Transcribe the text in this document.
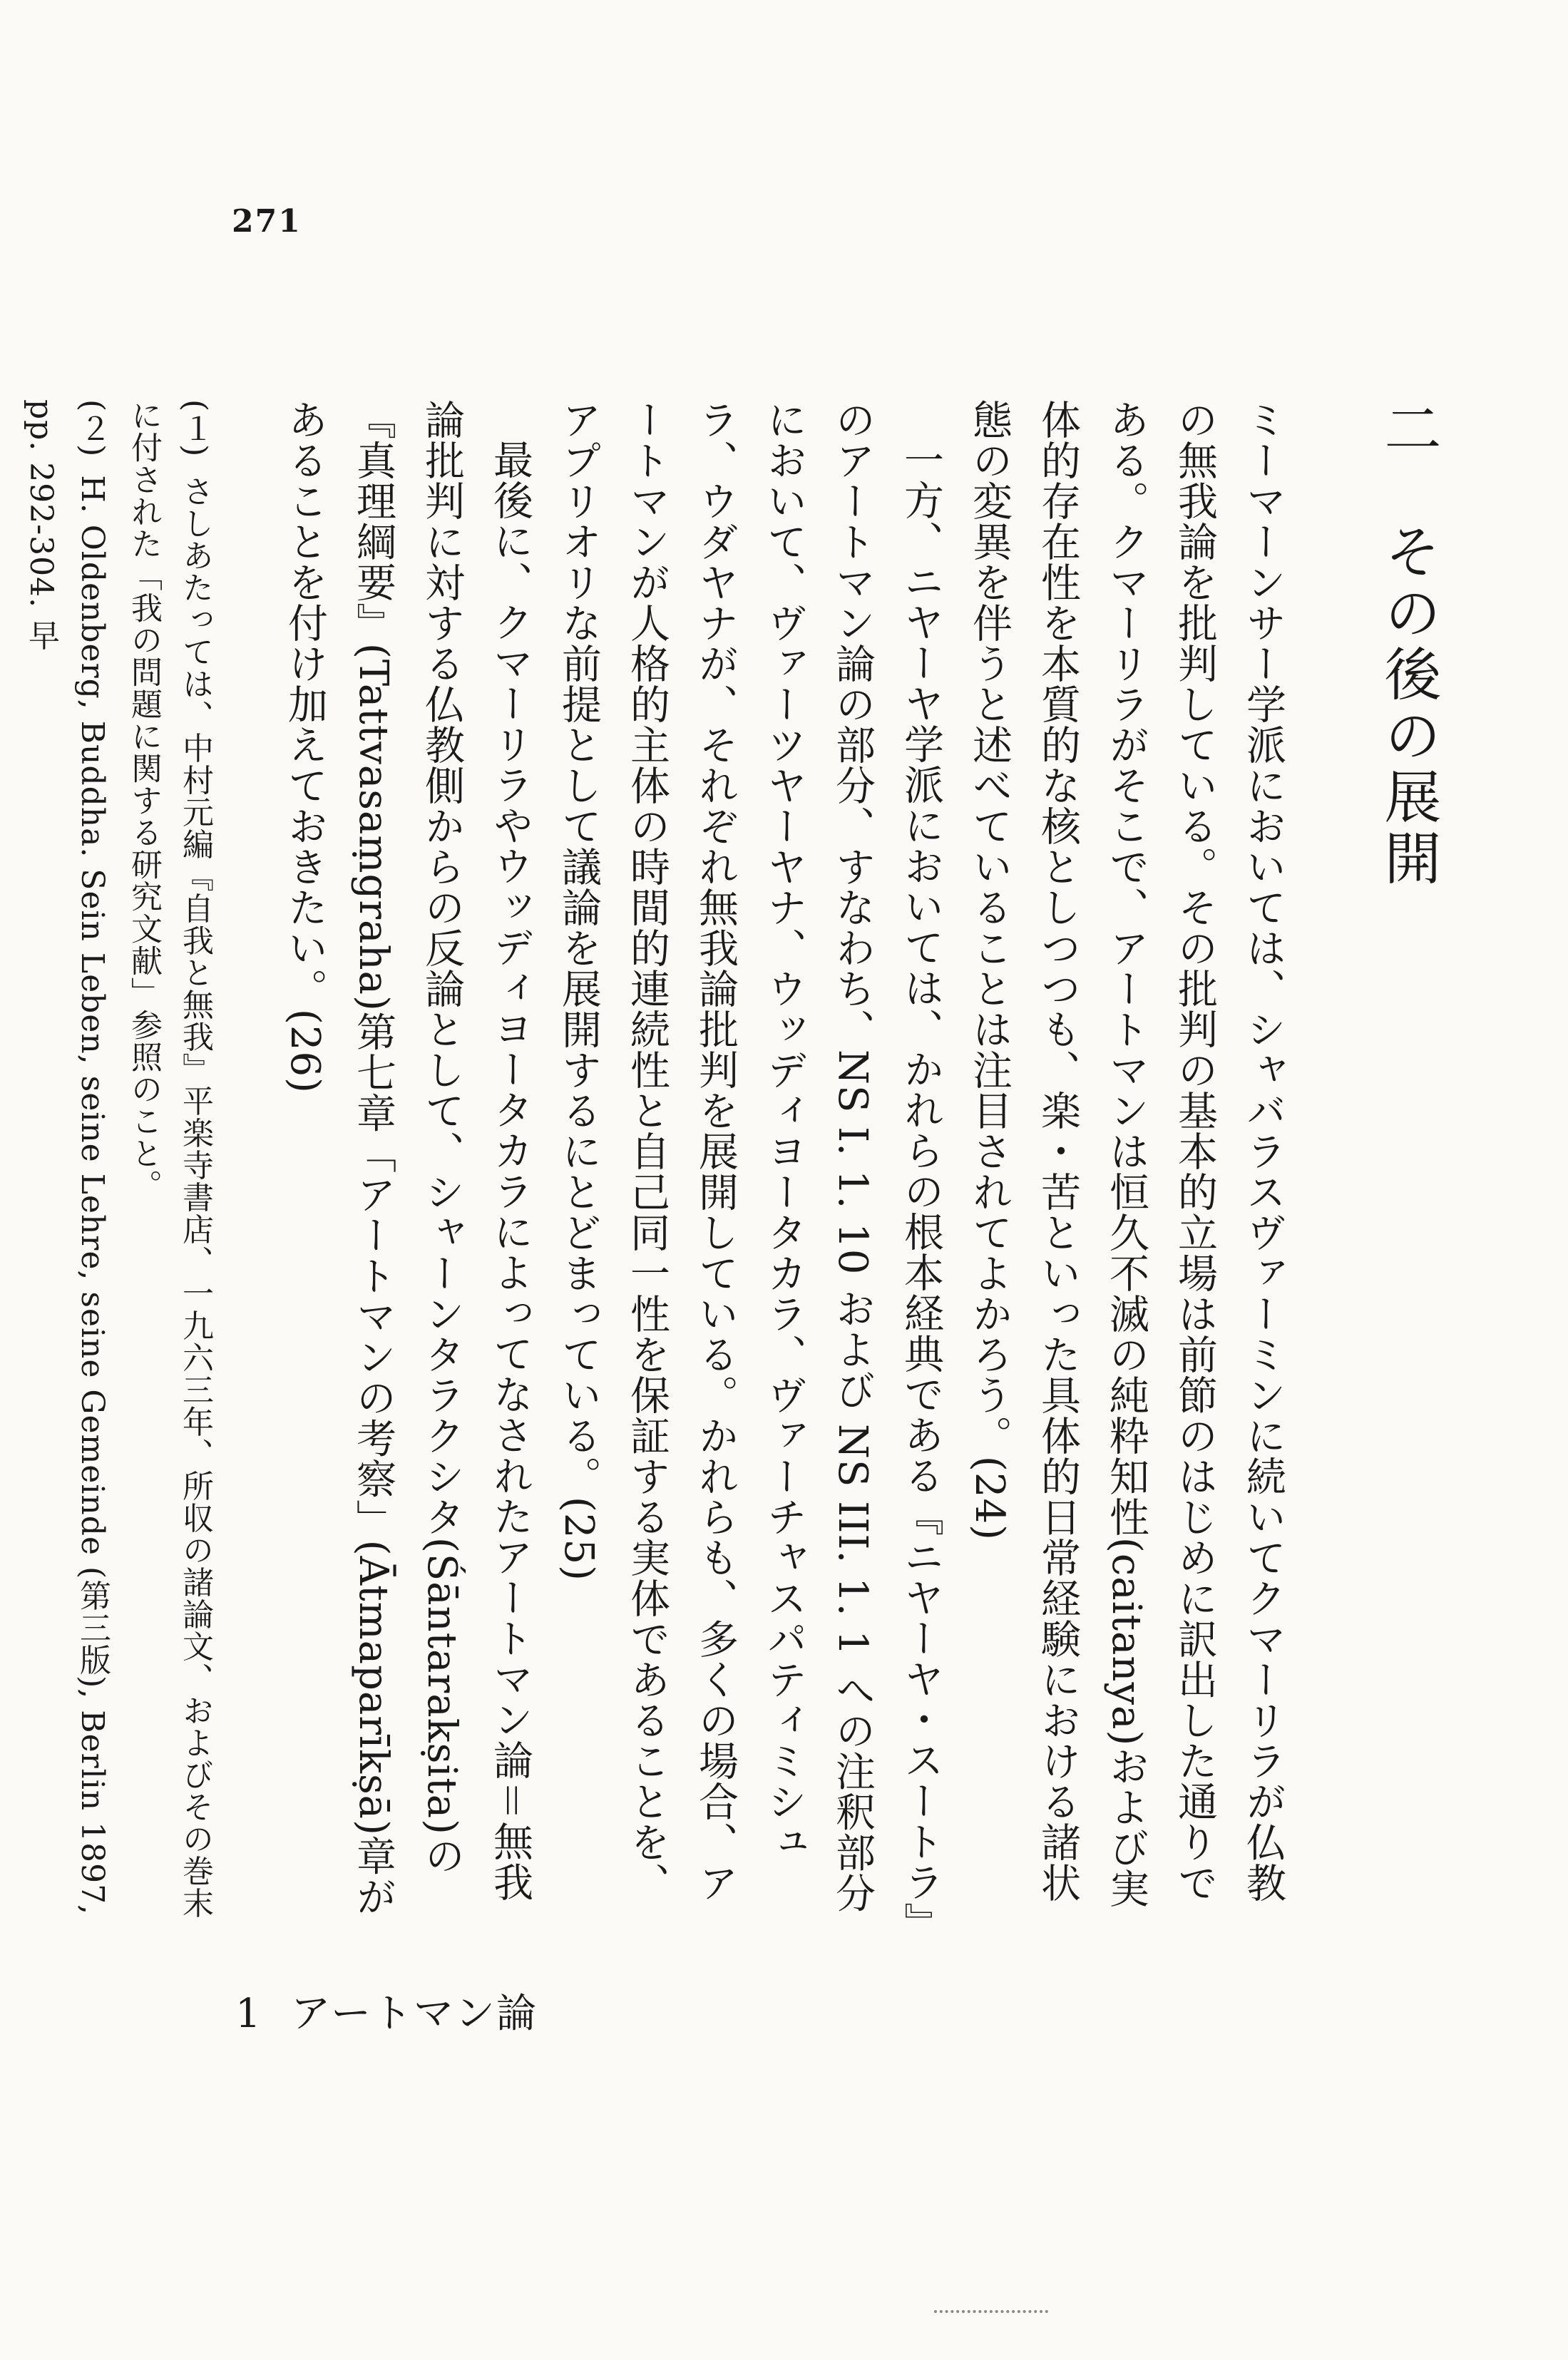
271
二　その後の展開

ミーマーンサー学派においては、シャバラスヴァーミンに続いてクマーリラが仏教の無我論を批判している。その批判の基本的立場は前節のはじめに訳出した通りである。クマーリラがそこで、アートマンは恒久不滅の純粋知性(caitanya)および実体的存在性を本質的な核としつつも、楽・苦といった具体的日常経験における諸状態の変異を伴うと述べていることは注目されてよかろう。(24)

一方、ニヤーヤ学派においては、かれらの根本経典である『ニヤーヤ・スートラ』のアートマン論の部分、すなわち、NS I. 1. 10 および NS III. 1. 1 への注釈部分において、ヴァーツヤーヤナ、ウッディヨータカラ、ヴァーチャスパティミシュラ、ウダヤナが、それぞれ無我論批判を展開している。かれらも、多くの場合、アートマンが人格的主体の時間的連続性と自己同一性を保証する実体であることを、アプリオリな前提として議論を展開するにとどまっている。(25)

最後に、クマーリラやウッディヨータカラによってなされたアートマン論＝無我論批判に対する仏教側からの反論として、シャーンタラクシタ(Śāntarakṣita)の『真理綱要』(Tattvasaṃgraha)第七章「アートマンの考察」(Ātmaparīkṣā)章があることを付け加えておきたい。(26)

(１) さしあたっては、中村元編『自我と無我』平楽寺書店、一九六三年、所収の諸論文、およびその巻末に付された「我の問題に関する研究文献」参照のこと。
(２) H. Oldenberg, Buddha. Sein Leben, seine Lehre, seine Gemeinde (第三版), Berlin 1897, pp. 292-304. 早
1 アートマン論
